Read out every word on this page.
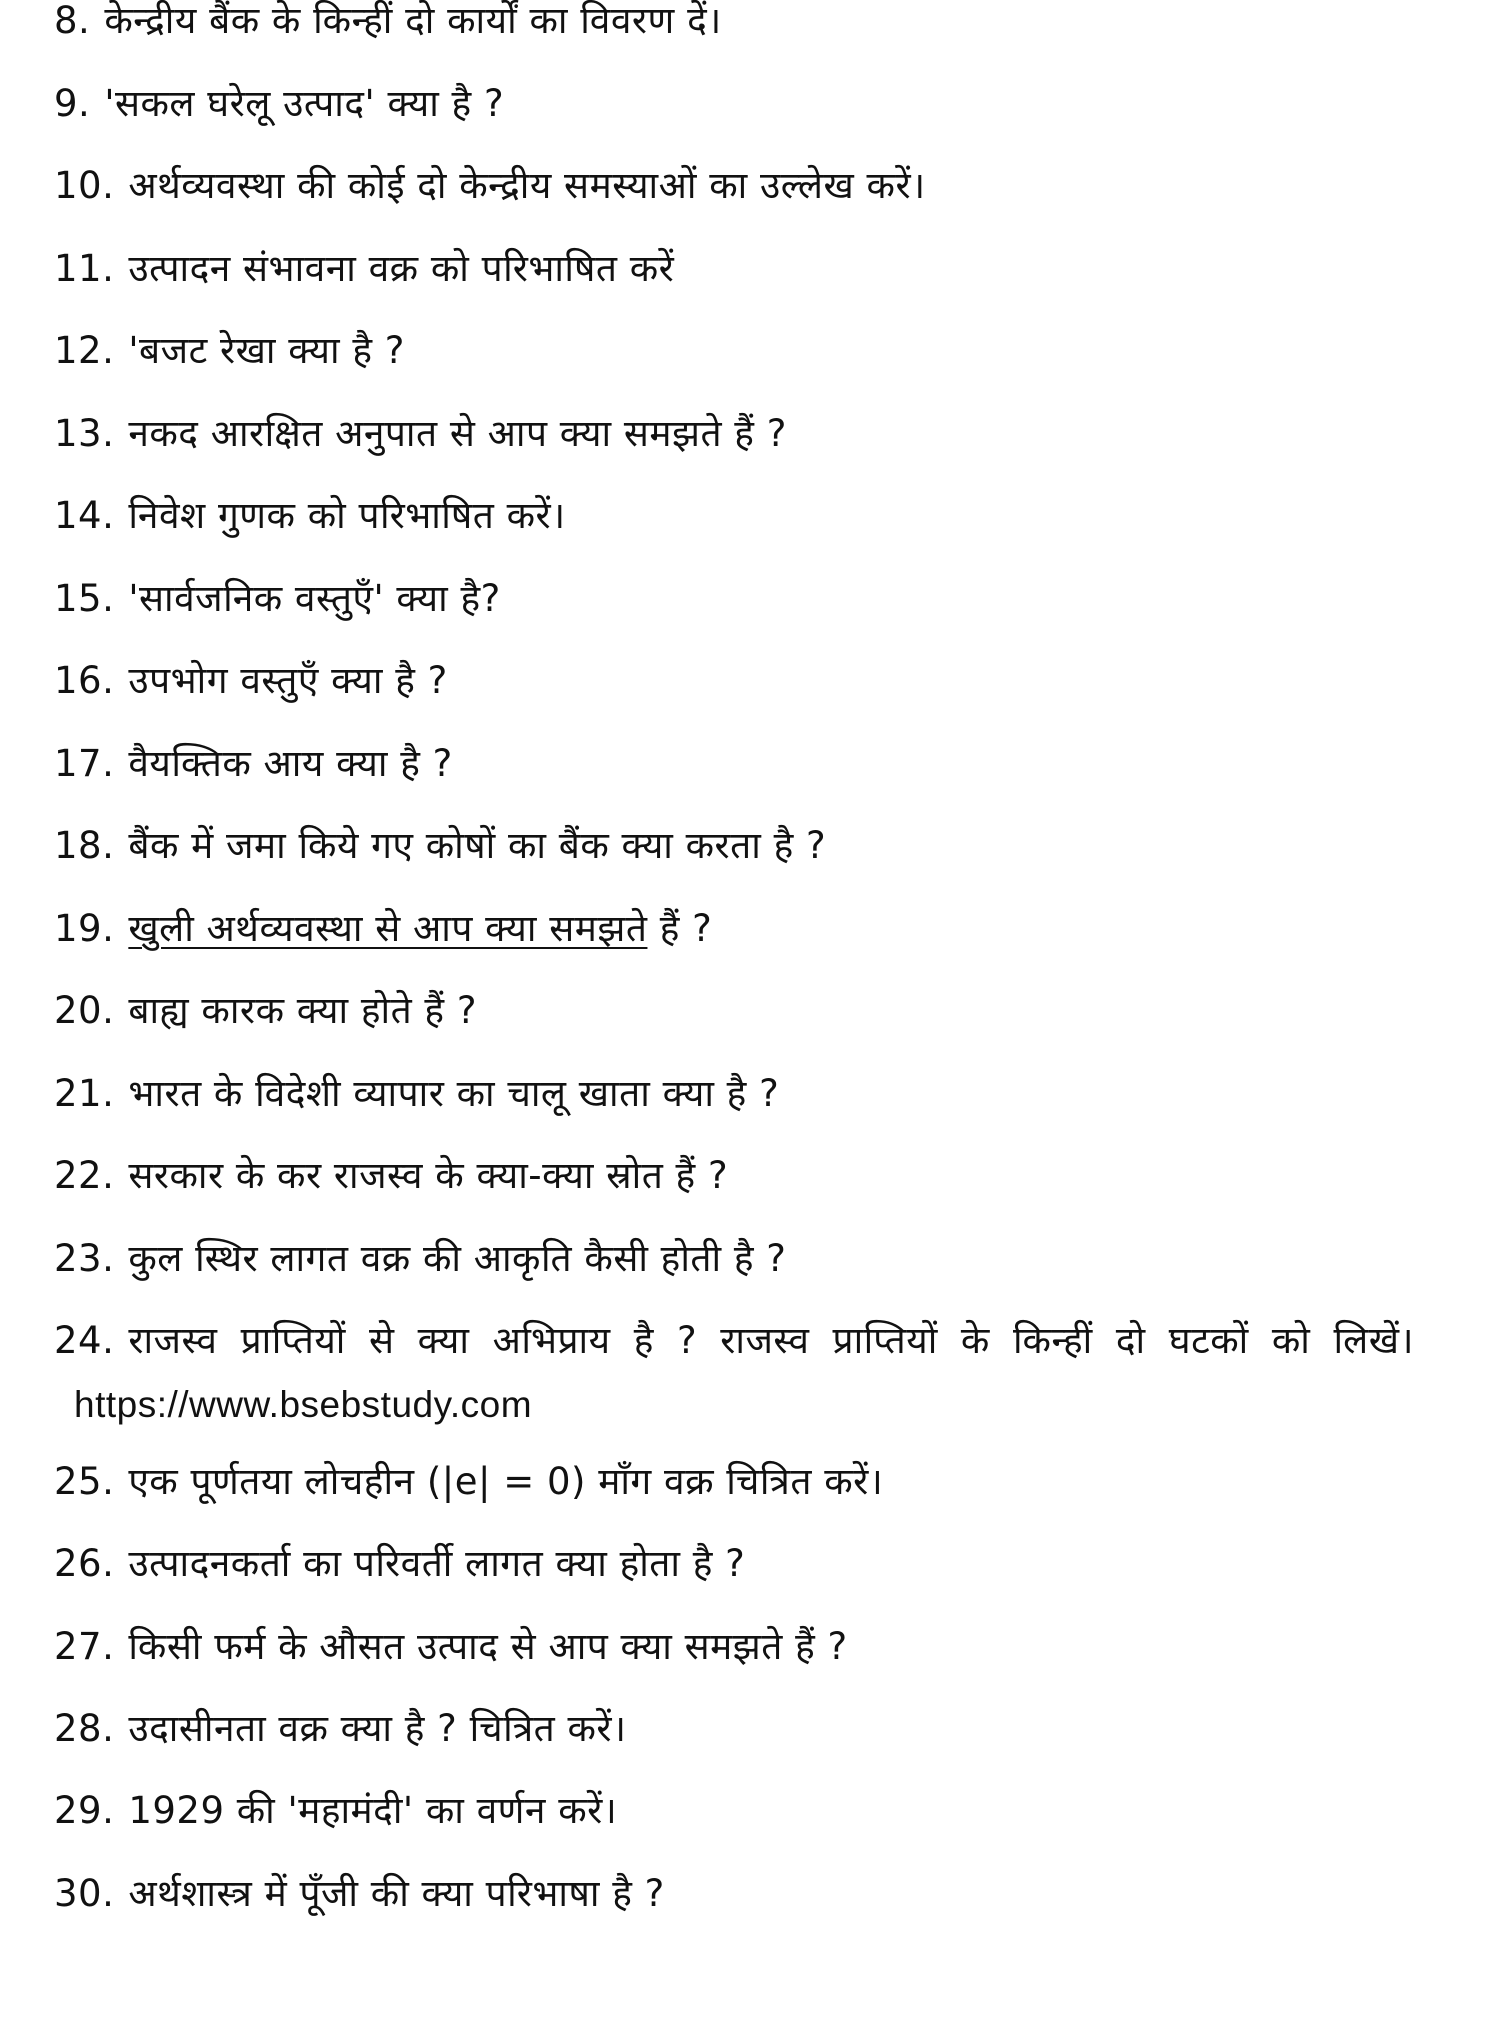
8. केन्द्रीय बैंक के किन्हीं दो कार्यों का विवरण दें।
9. 'सकल घरेलू उत्पाद' क्या है ?
10. अर्थव्यवस्था की कोई दो केन्द्रीय समस्याओं का उल्लेख करें।
11. उत्पादन संभावना वक्र को परिभाषित करें
12. 'बजट रेखा क्या है ?
13. नकद आरक्षित अनुपात से आप क्या समझते हैं ?
14. निवेश गुणक को परिभाषित करें।
15. 'सार्वजनिक वस्तुएँ' क्या है?
16. उपभोग वस्तुएँ क्या है ?
17. वैयक्तिक आय क्या है ?
18. बैंक में जमा किये गए कोषों का बैंक क्या करता है ?
19. खुली अर्थव्यवस्था से आप क्या समझते हैं ?
20. बाह्य कारक क्या होते हैं ?
21. भारत के विदेशी व्यापार का चालू खाता क्या है ?
22. सरकार के कर राजस्व के क्या-क्या स्रोत हैं ?
23. कुल स्थिर लागत वक्र की आकृति कैसी होती है ?
24. राजस्व प्राप्तियों से क्या अभिप्राय है ? राजस्व प्राप्तियों के किन्हीं दो घटकों को लिखें।https://www.bsebstudy.com
25. एक पूर्णतया लोचहीन (|e| = 0) माँग वक्र चित्रित करें।
26. उत्पादनकर्ता का परिवर्ती लागत क्या होता है ?
27. किसी फर्म के औसत उत्पाद से आप क्या समझते हैं ?
28. उदासीनता वक्र क्या है ? चित्रित करें।
29. 1929 की 'महामंदी' का वर्णन करें।
30. अर्थशास्त्र में पूँजी की क्या परिभाषा है ?
